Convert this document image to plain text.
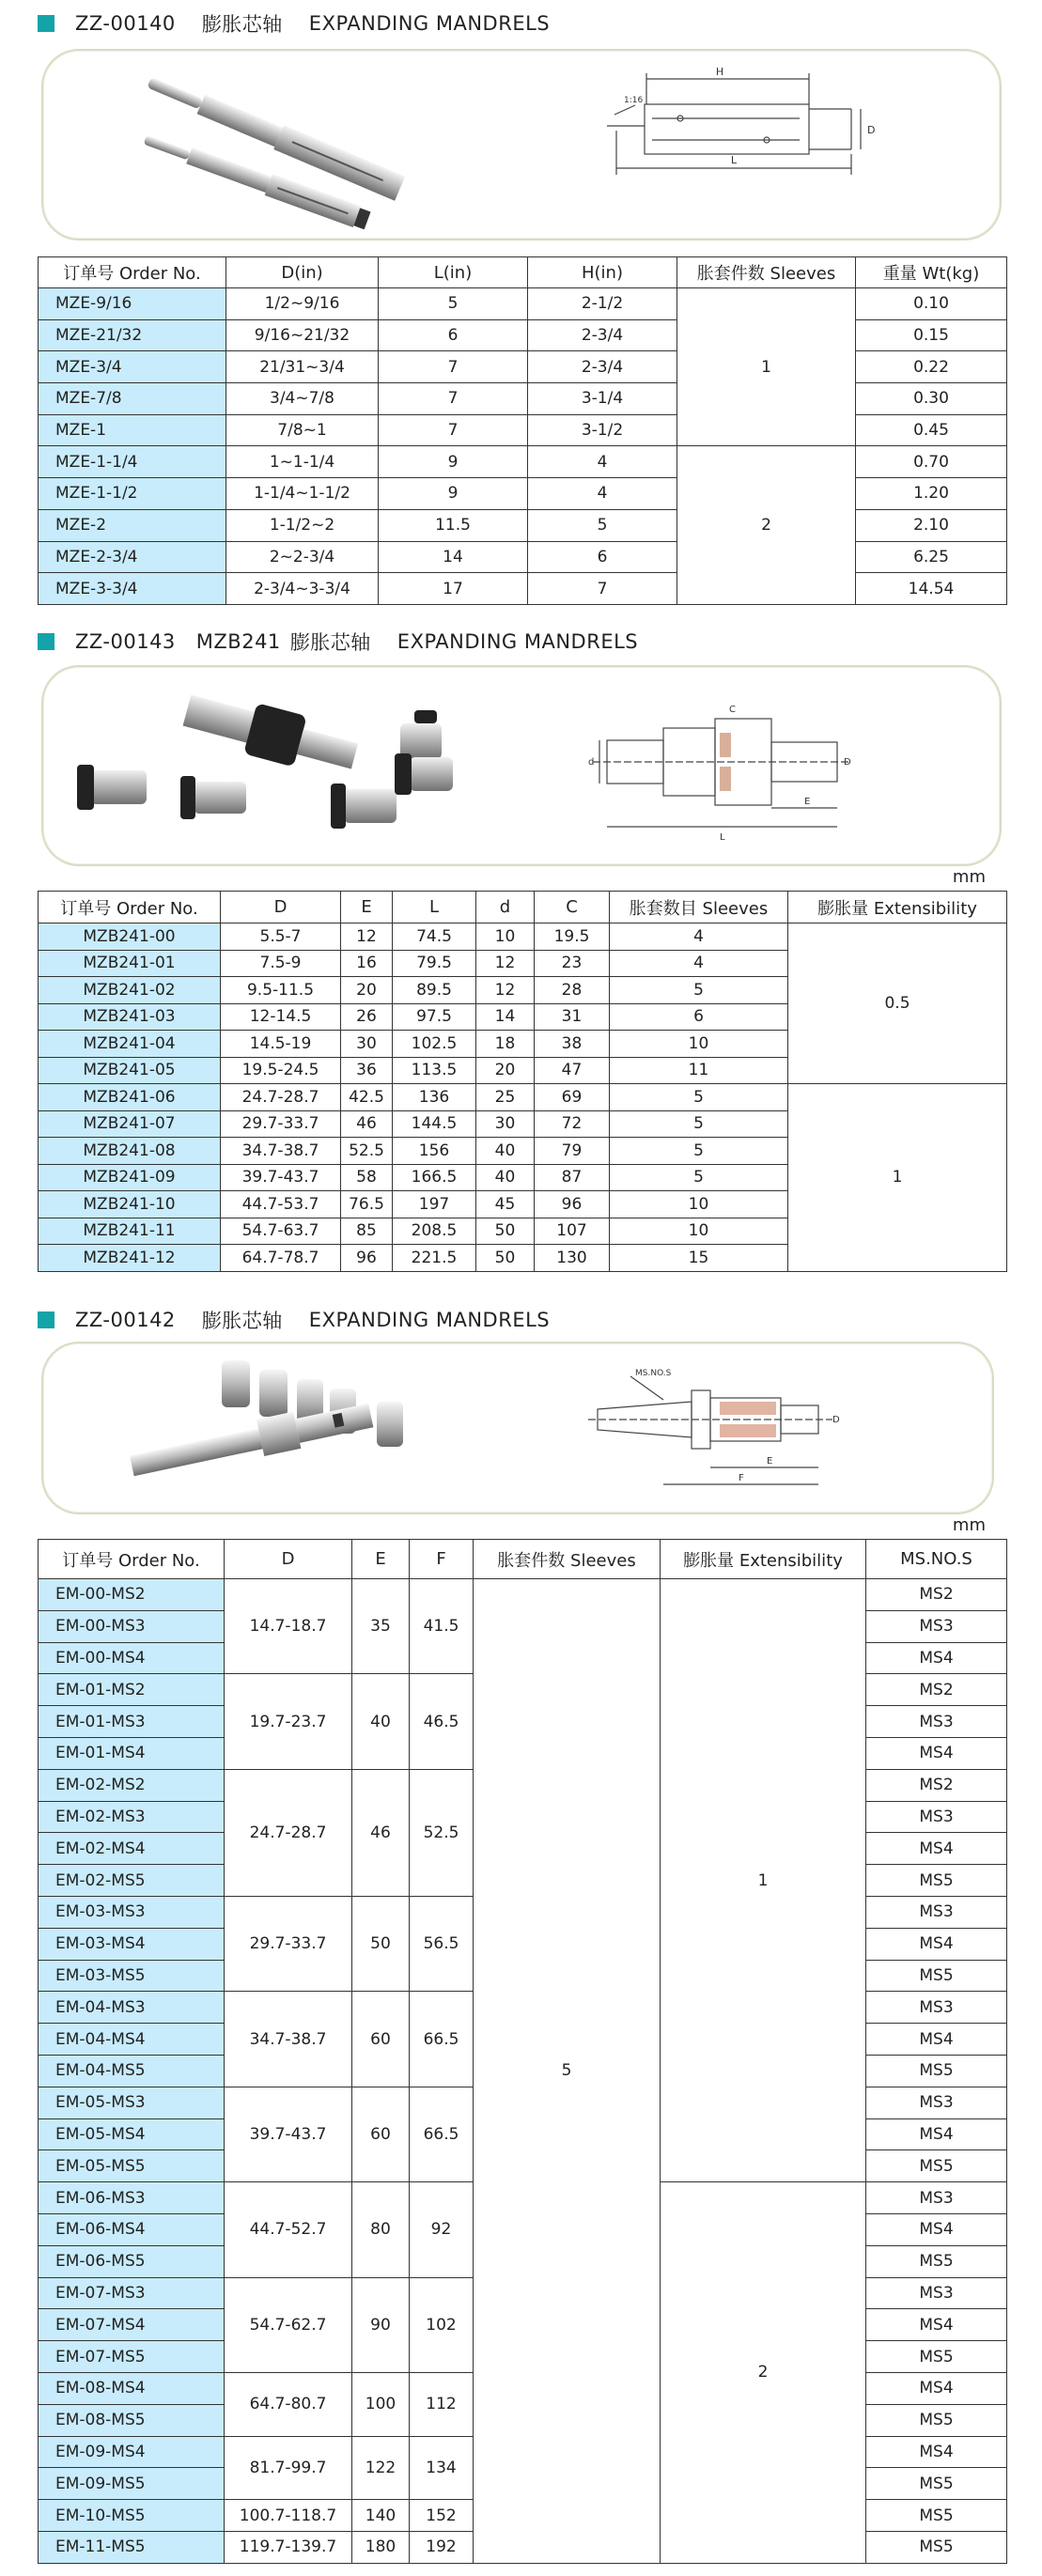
ZZ-00140 膨胀芯轴 EXPANDING MANDRELS
H
D
L
1:16
订单号 Order No.	D(in)	L(in)	H(in)	胀套件数 Sleeves	重量 Wt(kg)
MZE-9/16	1/2~9/16	5	2-1/2	1	0.10
MZE-21/32	9/16~21/32	6	2-3/4		0.15
MZE-3/4	21/31~3/4	7	2-3/4		0.22
MZE-7/8	3/4~7/8	7	3-1/4		0.30
MZE-1	7/8~1	7	3-1/2		0.45
MZE-1-1/4	1~1-1/4	9	4	2	0.70
MZE-1-1/2	1-1/4~1-1/2	9	4		1.20
MZE-2	1-1/2~2	11.5	5		2.10
MZE-2-3/4	2~2-3/4	14	6		6.25
MZE-3-3/4	2-3/4~3-3/4	17	7		14.54
ZZ-00143 MZB241 膨胀芯轴 EXPANDING MANDRELS
C
d	D
L
E
mm
订单号 Order No.	D	E	L	d	C	胀套数目 Sleeves	膨胀量 Extensibility
MZB241-00	5.5-7	12	74.5	10	19.5	4	0.5
MZB241-01	7.5-9	16	79.5	12	23	4	
MZB241-02	9.5-11.5	20	89.5	12	28	5	
MZB241-03	12-14.5	26	97.5	14	31	6	
MZB241-04	14.5-19	30	102.5	18	38	10	
MZB241-05	19.5-24.5	36	113.5	20	47	11	
MZB241-06	24.7-28.7	42.5	136	25	69	5	1
MZB241-07	29.7-33.7	46	144.5	30	72	5	
MZB241-08	34.7-38.7	52.5	156	40	79	5	
MZB241-09	39.7-43.7	58	166.5	40	87	5	
MZB241-10	44.7-53.7	76.5	197	45	96	10	
MZB241-11	54.7-63.7	85	208.5	50	107	10	
MZB241-12	64.7-78.7	96	221.5	50	130	15	
ZZ-00142 膨胀芯轴 EXPANDING MANDRELS
MS.NO.S
D
E
F
mm
订单号 Order No.	D	E	F	胀套件数 Sleeves	膨胀量 Extensibility	MS.NO.S
EM-00-MS2	14.7-18.7	35	41.5	5	1	MS2
EM-00-MS3						MS3
EM-00-MS4						MS4
EM-01-MS2	19.7-23.7	40	46.5			MS2
EM-01-MS3						MS3
EM-01-MS4						MS4
EM-02-MS2	24.7-28.7	46	52.5			MS2
EM-02-MS3						MS3
EM-02-MS4						MS4
EM-02-MS5						MS5
EM-03-MS3	29.7-33.7	50	56.5			MS3
EM-03-MS4						MS4
EM-03-MS5						MS5
EM-04-MS3	34.7-38.7	60	66.5			MS3
EM-04-MS4						MS4
EM-04-MS5						MS5
EM-05-MS3	39.7-43.7	60	66.5			MS3
EM-05-MS4						MS4
EM-05-MS5						MS5
EM-06-MS3	44.7-52.7	80	92		2	MS3
EM-06-MS4						MS4
EM-06-MS5						MS5
EM-07-MS3	54.7-62.7	90	102			MS3
EM-07-MS4						MS4
EM-07-MS5						MS5
EM-08-MS4	64.7-80.7	100	112			MS4
EM-08-MS5						MS5
EM-09-MS4	81.7-99.7	122	134			MS4
EM-09-MS5						MS5
EM-10-MS5	100.7-118.7	140	152			MS5
EM-11-MS5	119.7-139.7	180	192			MS5
